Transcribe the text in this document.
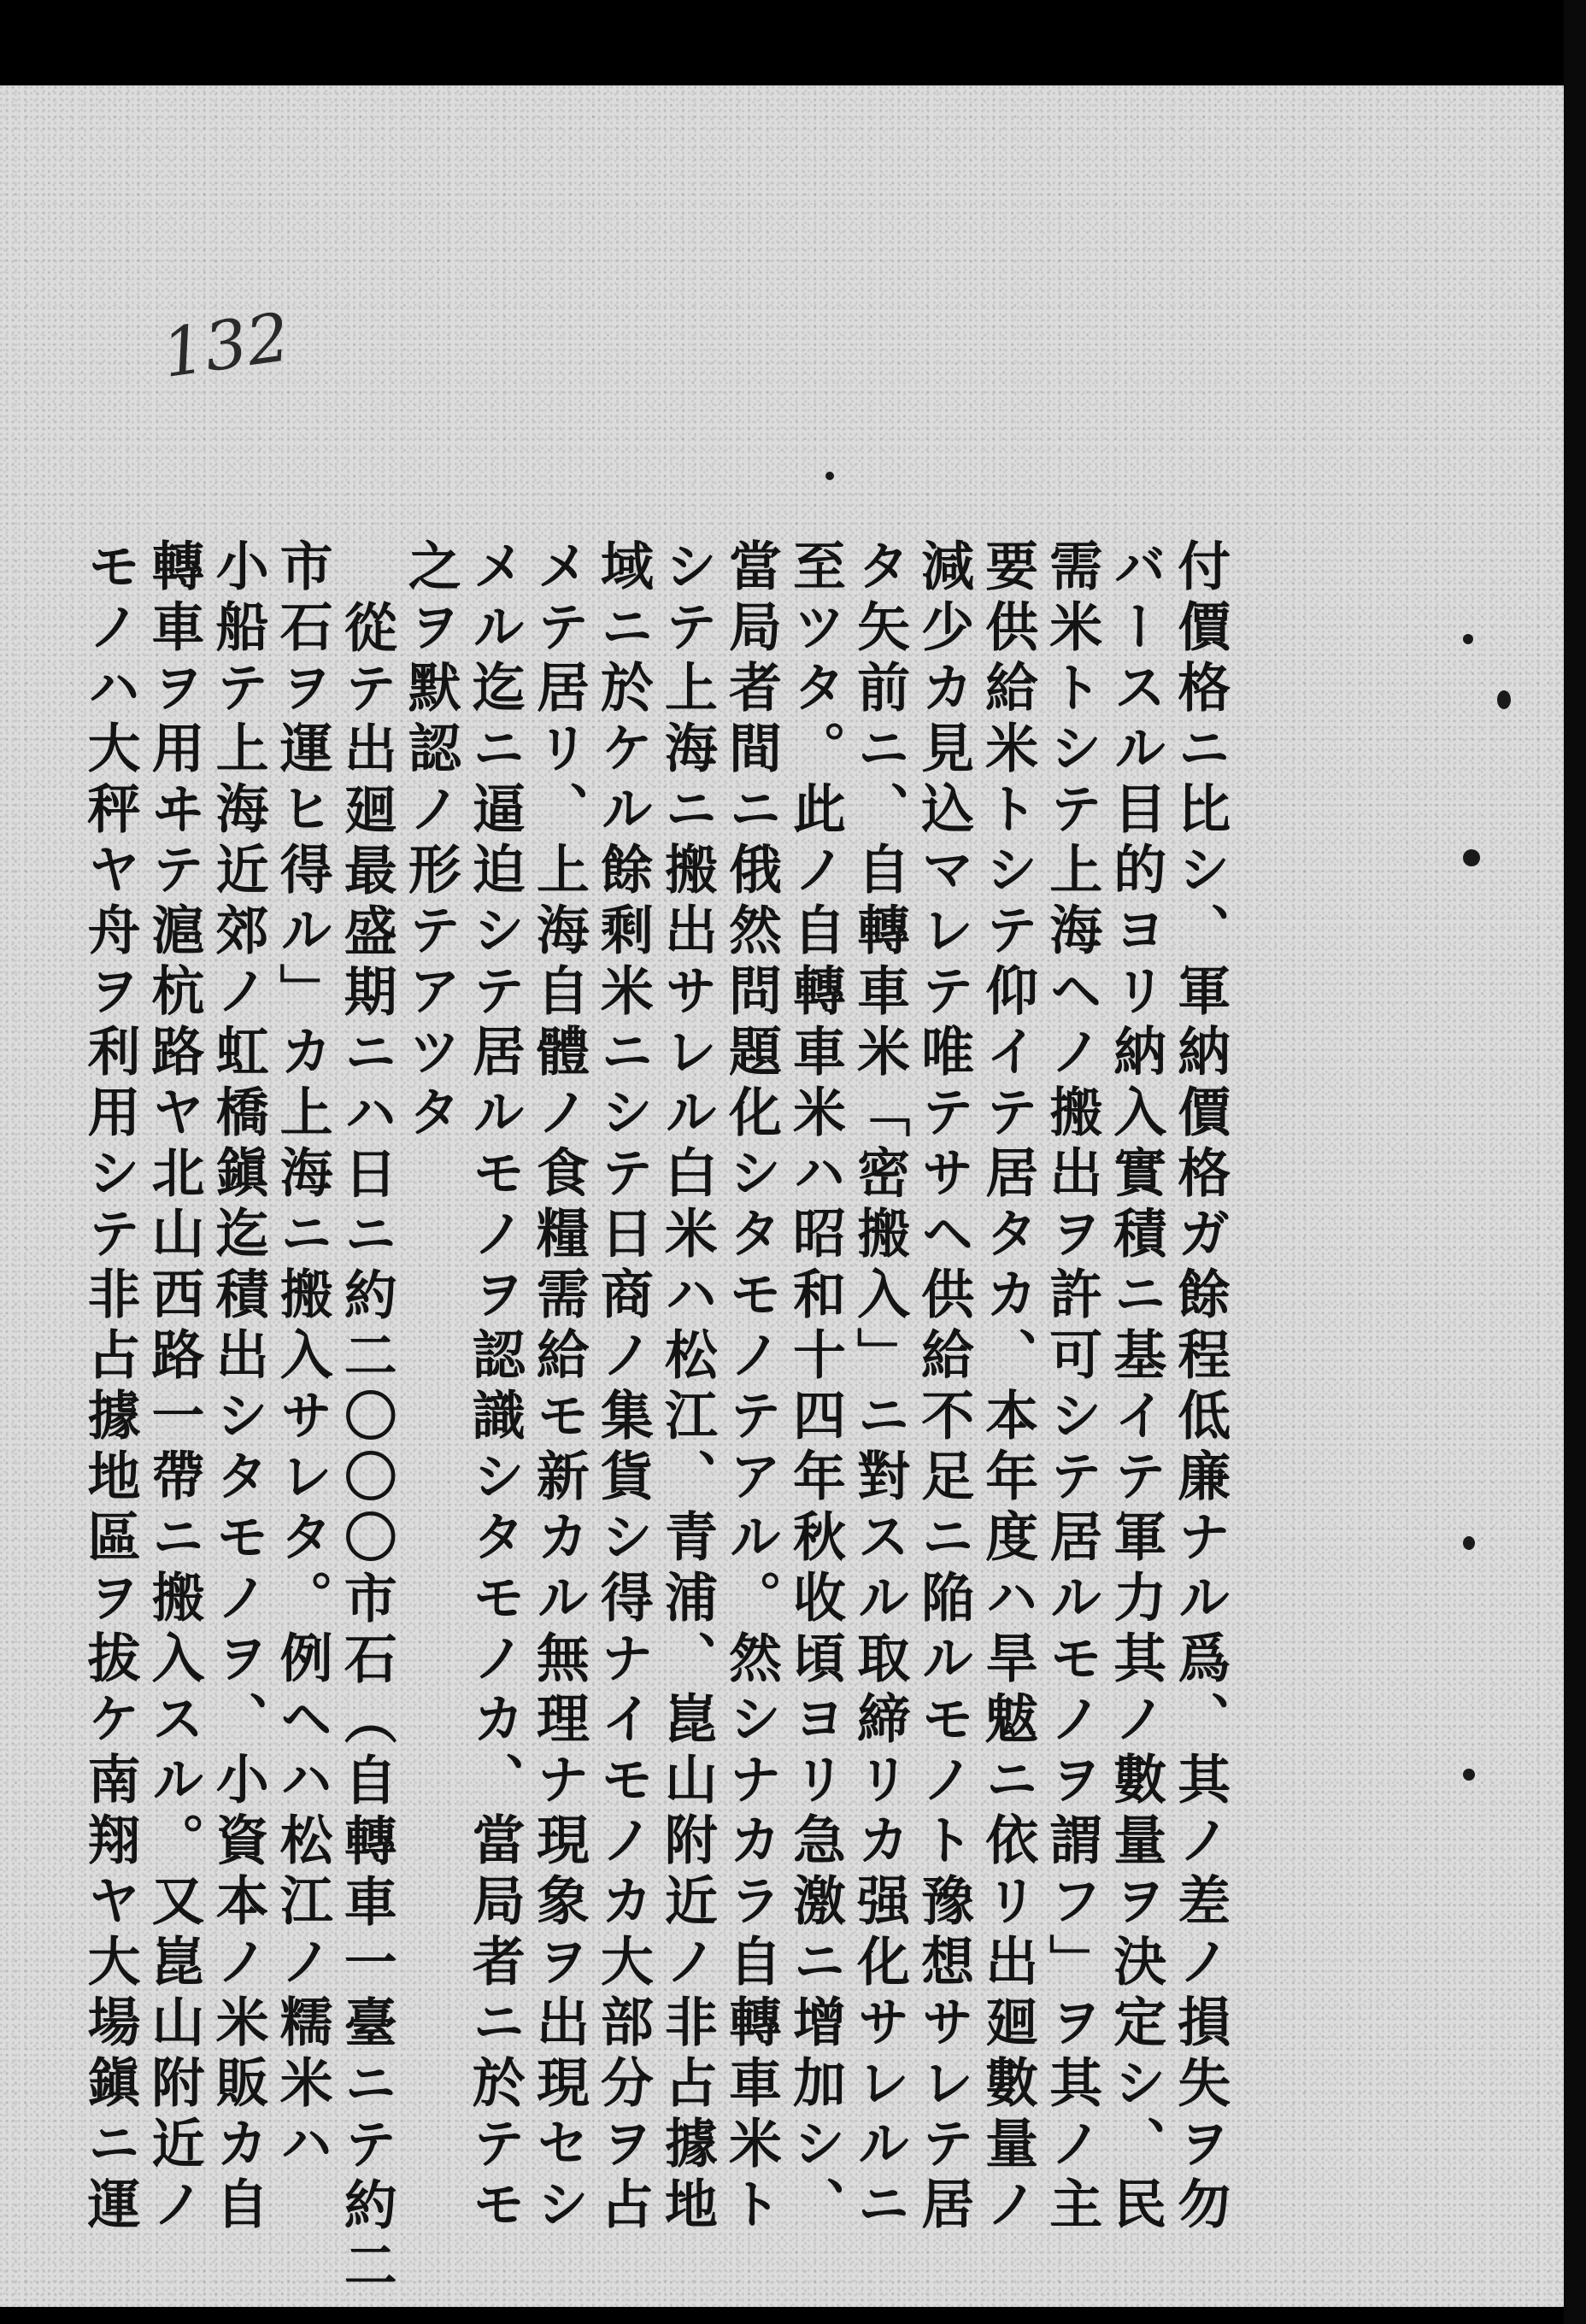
132
付價格ニ比シ、軍納價格ガ餘程低廉ナル爲、其ノ差ノ損失ヲ勿
バースル目的ヨリ納入實積ニ基イテ軍力其ノ數量ヲ決定シ、民
需米トシテ上海ヘノ搬出ヲ許可シテ居ルモノヲ謂フ」ヲ其ノ主
要供給米トシテ仰イテ居タカ、本年度ハ旱魃ニ依リ出廻數量ノ
減少カ見込マレテ唯テサヘ供給不足ニ陥ルモノト豫想サレテ居
タ矢前ニ、自轉車米「密搬入」ニ對スル取締リカ强化サレルニ
至ツタ。此ノ自轉車米ハ昭和十四年秋收頃ヨリ急激ニ增加シ、
當局者間ニ俄然問題化シタモノテアル。然シナカラ自轉車米ト
シテ上海ニ搬出サレル白米ハ松江、青浦、崑山附近ノ非占據地
域ニ於ケル餘剩米ニシテ日商ノ集貨シ得ナイモノカ大部分ヲ占
メテ居リ、上海自體ノ食糧需給モ新カル無理ナ現象ヲ出現セシ
メル迄ニ逼迫シテ居ルモノヲ認識シタモノカ、當局者ニ於テモ
之ヲ默認ノ形テアツタ
從テ出廻最盛期ニハ日ニ約二〇〇〇市石（自轉車一臺ニテ約二
市石ヲ運ヒ得ル」カ上海ニ搬入サレタ。例ヘハ松江ノ糯米ハ
小船テ上海近郊ノ虹橋鎭迄積出シタモノヲ、小資本ノ米販カ自
轉車ヲ用ヰテ滬杭路ヤ北山西路一帶ニ搬入スル。又崑山附近ノ
モノハ大秤ヤ舟ヲ利用シテ非占據地區ヲ拔ケ南翔ヤ大場鎭ニ運
